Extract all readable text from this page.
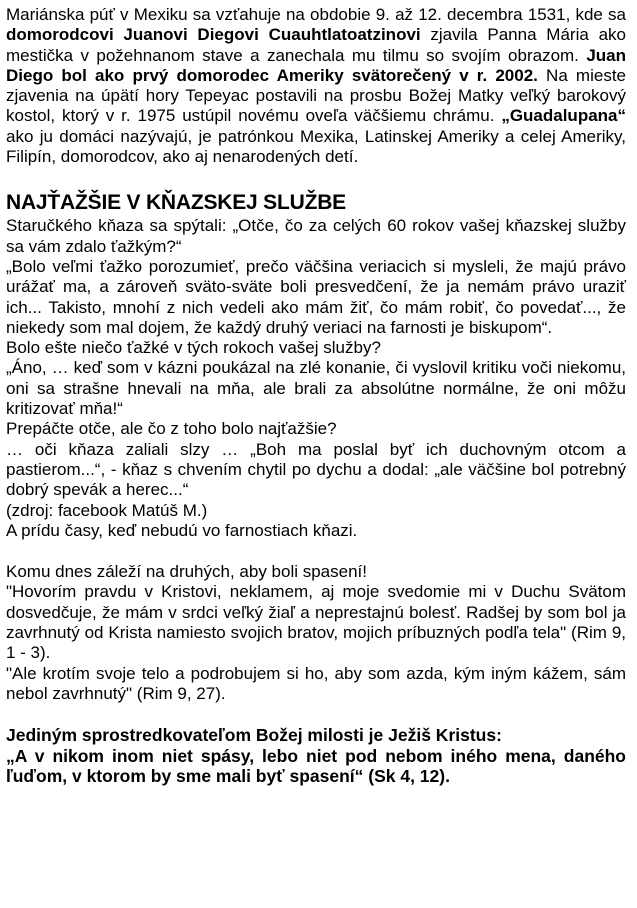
Mariánska púť v Mexiku sa vzťahuje na obdobie 9. až 12. decembra 1531, kde sa domorodcovi Juanovi Diegovi Cuauhtlatoatzinovi zjavila Panna Mária ako mestička v požehnanom stave a zanechala mu tilmu so svojím obrazom. Juan Diego bol ako prvý domorodec Ameriky svätorečený v r. 2002. Na mieste zjavenia na úpätí hory Tepeyac postavili na prosbu Božej Matky veľký barokový kostol, ktorý v r. 1975 ustúpil novému oveľa väčšiemu chrámu. „Guadalupana“ ako ju domáci nazývajú, je patrónkou Mexika, Latinskej Ameriky a celej Ameriky, Filipín, domorodcov, ako aj nenarodených detí.

NAJŤAŽŠIE V KŇAZSKEJ SLUŽBE

Staručkého kňaza sa spýtali: „Otče, čo za celých 60 rokov vašej kňazskej služby sa vám zdalo ťažkým?“

„Bolo veľmi ťažko porozumieť, prečo väčšina veriacich si mysleli, že majú právo urážať ma, a zároveň sväto-sväte boli presvedčení, že ja nemám právo uraziť ich... Takisto, mnohí z nich vedeli ako mám žiť, čo mám robiť, čo povedať..., že niekedy som mal dojem, že každý druhý veriaci na farnosti je biskupom“.

Bolo ešte niečo ťažké v tých rokoch vašej služby?

„Áno, … keď som v kázni poukázal na zlé konanie, či vyslovil kritiku voči niekomu, oni sa strašne hnevali na mňa, ale brali za absolútne normálne, že oni môžu kritizovať mňa!“

Prepáčte otče, ale čo z toho bolo najťažšie?

… oči kňaza zaliali slzy … „Boh ma poslal byť ich duchovným otcom a pastierom...“, - kňaz s chvením chytil po dychu a dodal: „ale väčšine bol potrebný dobrý spevák a herec...“

(zdroj: facebook Matúš M.)

A prídu časy, keď nebudú vo farnostiach kňazi.

Komu dnes záleží na druhých, aby boli spasení!

"Hovorím pravdu v Kristovi, neklamem, aj moje svedomie mi v Duchu Svätom dosvedčuje, že mám v srdci veľký žiaľ a neprestajnú bolesť. Radšej by som bol ja zavrhnutý od Krista namiesto svojich bratov, mojich príbuzných podľa tela" (Rim 9, 1 - 3).

"Ale krotím svoje telo a podrobujem si ho, aby som azda, kým iným kážem, sám nebol zavrhnutý" (Rim 9, 27).

Jediným sprostredkovateľom Božej milosti je Ježiš Kristus:

„A v nikom inom niet spásy, lebo niet pod nebom iného mena, daného ľuďom, v ktorom by sme mali byť spasení“ (Sk 4, 12).
